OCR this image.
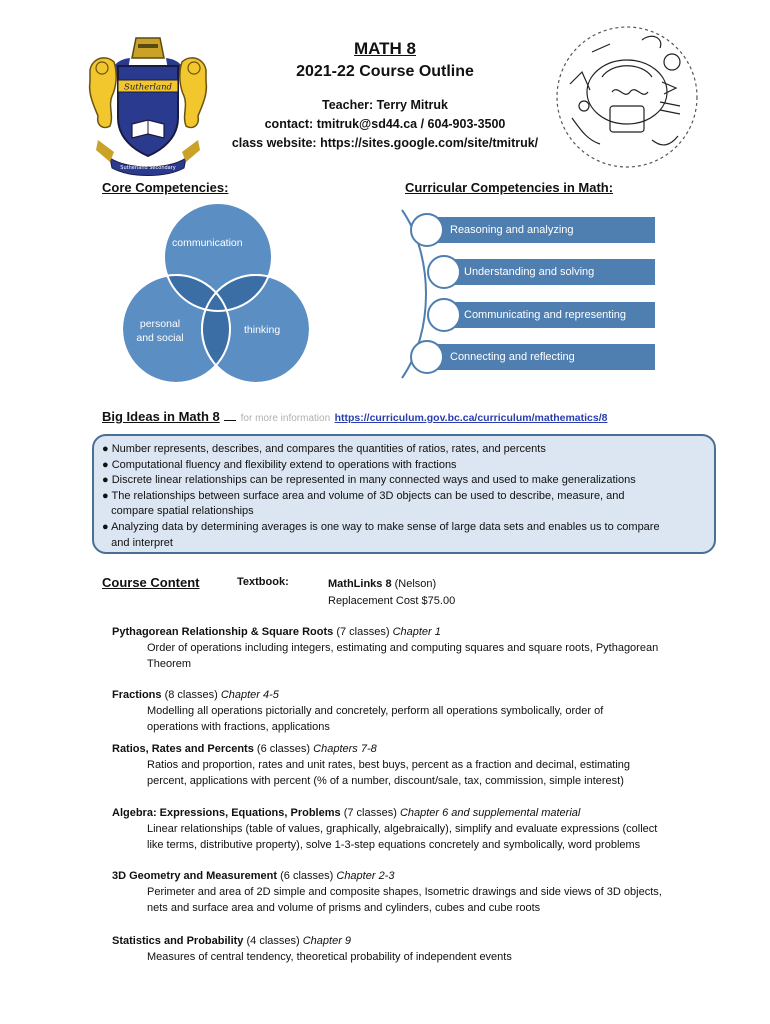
Sutherland
Sutherland Secondary
MATH 8
2021-22 Course Outline
Teacher: Terry Mitruk
contact: tmitruk@sd44.ca / 604-903-3500
class website: https://sites.google.com/site/tmitruk/
Core Competencies:
communication
personal and social
thinking
Curricular Competencies in Math:
Reasoning and analyzing
Understanding and solving
Communicating and representing
Connecting and reflecting
Big Ideas in Math 8 for more information https://curriculum.gov.bc.ca/curriculum/mathematics/8
● Number represents, describes, and compares the quantities of ratios, rates, and percents
● Computational fluency and flexibility extend to operations with fractions
● Discrete linear relationships can be represented in many connected ways and used to make generalizations
● The relationships between surface area and volume of 3D objects can be used to describe, measure, and
compare spatial relationships
● Analyzing data by determining averages is one way to make sense of large data sets and enables us to compare
and interpret
Course Content	Textbook:	MathLinks 8 (Nelson)
Replacement Cost $75.00
Pythagorean Relationship & Square Roots (7 classes) Chapter 1
Order of operations including integers, estimating and computing squares and square roots, Pythagorean
Theorem
Fractions (8 classes) Chapter 4-5
Modelling all operations pictorially and concretely, perform all operations symbolically, order of
operations with fractions, applications
Ratios, Rates and Percents (6 classes) Chapters 7-8
Ratios and proportion, rates and unit rates, best buys, percent as a fraction and decimal, estimating
percent, applications with percent (% of a number, discount/sale, tax, commission, simple interest)
Algebra: Expressions, Equations, Problems (7 classes) Chapter 6 and supplemental material
Linear relationships (table of values, graphically, algebraically), simplify and evaluate expressions (collect
like terms, distributive property), solve 1-3-step equations concretely and symbolically, word problems
3D Geometry and Measurement (6 classes) Chapter 2-3
Perimeter and area of 2D simple and composite shapes, Isometric drawings and side views of 3D objects,
nets and surface area and volume of prisms and cylinders, cubes and cube roots
Statistics and Probability (4 classes) Chapter 9
Measures of central tendency, theoretical probability of independent events
